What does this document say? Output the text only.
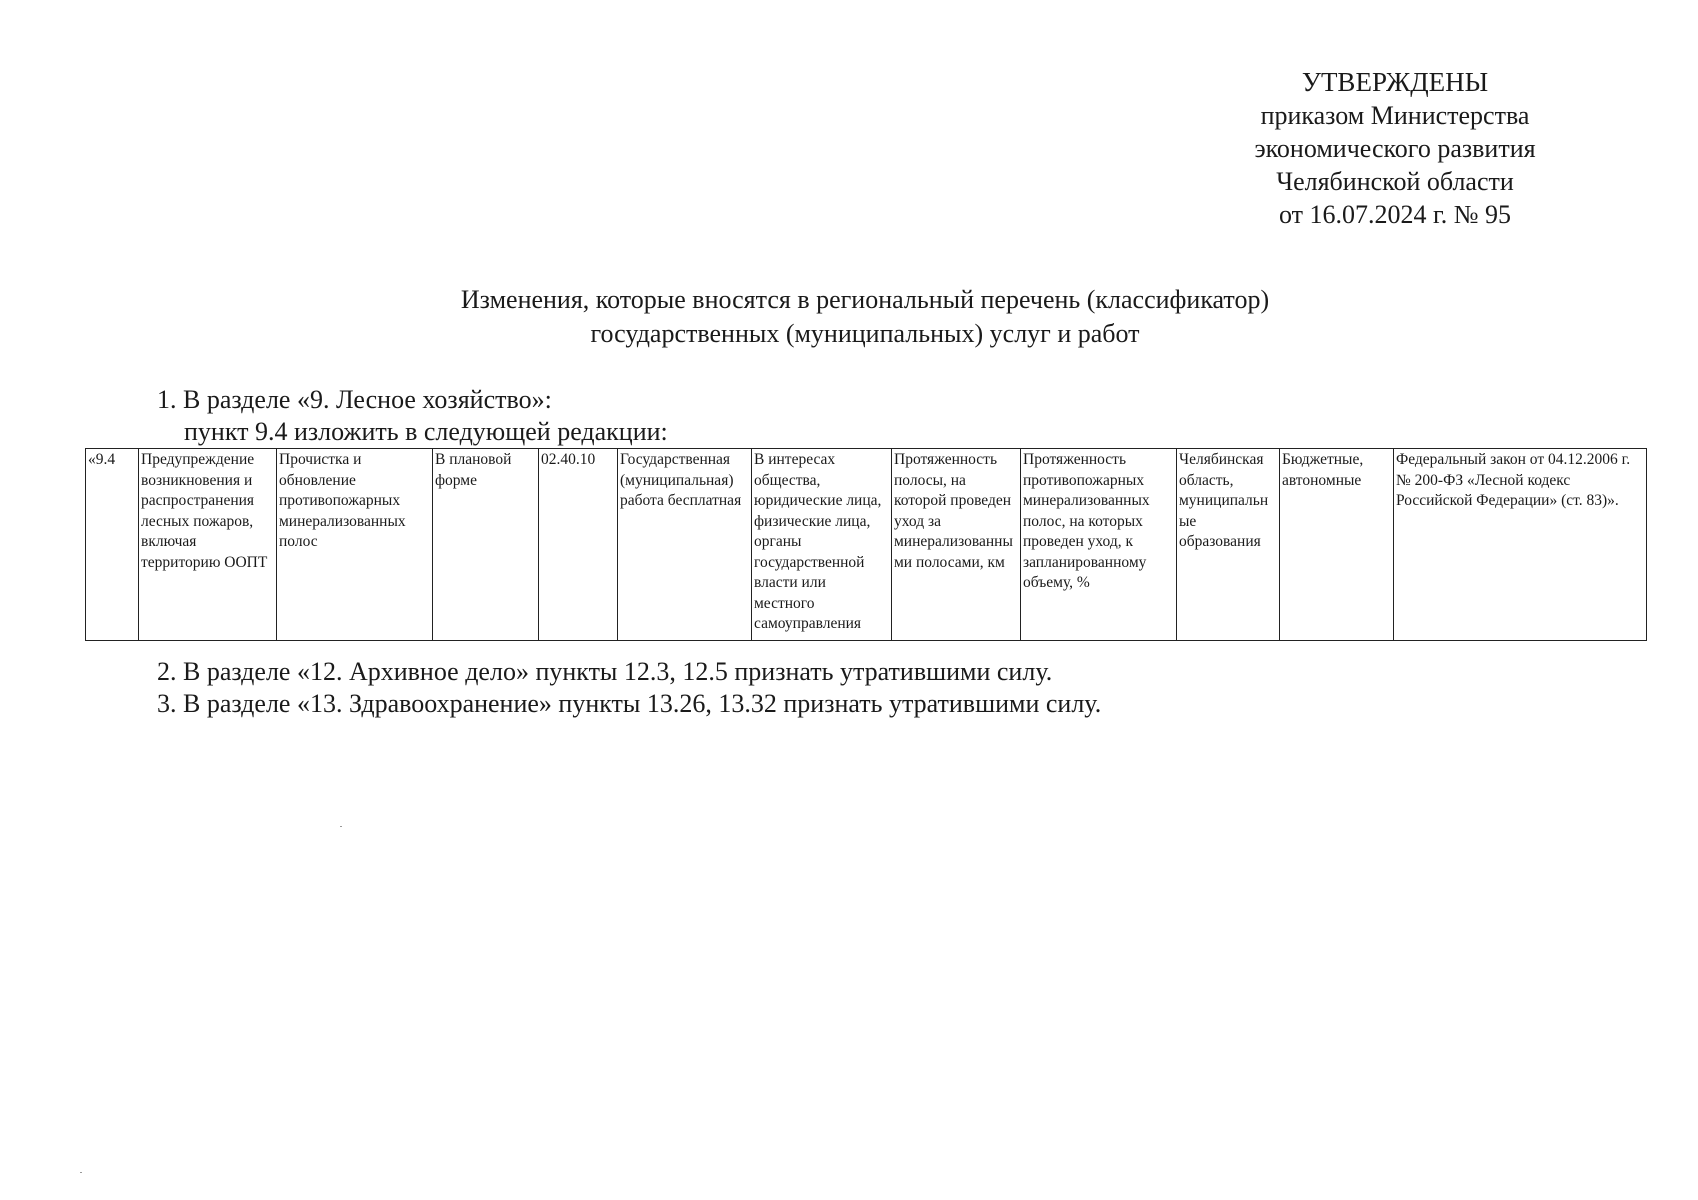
УТВЕРЖДЕНЫ
приказом Министерства
экономического развития
Челябинской области
от 16.07.2024 г. № 95
Изменения, которые вносятся в региональный перечень (классификатор)
государственных (муниципальных) услуг и работ
1. В разделе «9. Лесное хозяйство»:
пункт 9.4 изложить в следующей редакции:
«9.4	Предупреждение возникновения и распространения лесных пожаров, включая территорию ООПТ	Прочистка и обновление противопожарных минерализованных полос	В плановой форме	02.40.10	Государственная (муниципальная) работа бесплатная	В интересах общества, юридические лица, физические лица, органы государственной власти или местного самоуправления	Протяженность полосы, на которой проведен уход за минерализованными полосами, км	Протяженность противопожарных минерализованных полос, на которых проведен уход, к запланированному объему, %	Челябинская область, муниципальные образования	Бюджетные, автономные	Федеральный закон от 04.12.2006 г. № 200-ФЗ «Лесной кодекс Российской Федерации» (ст. 83)».
2. В разделе «12. Архивное дело» пункты 12.3, 12.5 признать утратившими силу.
3. В разделе «13. Здравоохранение» пункты 13.26, 13.32 признать утратившими силу.
